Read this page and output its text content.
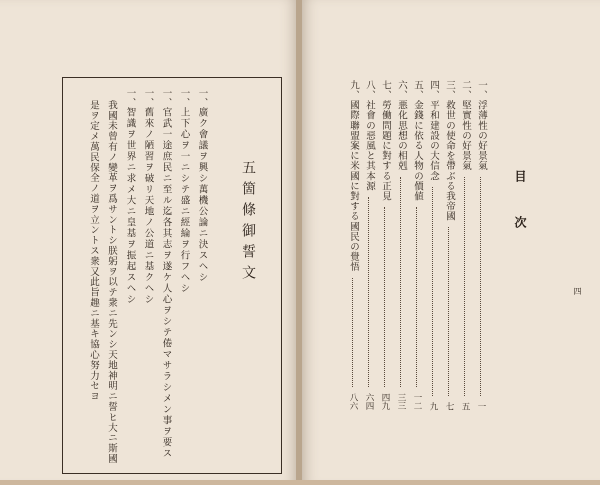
五箇條御誓文
一、廣ク會議ヲ興シ萬機公論ニ決スヘシ
一、上下心ヲ一ニシテ盛ニ經綸ヲ行フヘシ
一、官武一途庶民ニ至ル迄各其志ヲ遂ケ人心ヲシテ倦マサラシメン事ヲ要ス
一、舊來ノ陋習ヲ破リ天地ノ公道ニ基クヘシ
一、智識ヲ世界ニ求メ大ニ皇基ヲ振起スヘシ
我國未曾有ノ變革ヲ爲サントシ朕躬ヲ以テ衆ニ先ンシ天地神明ニ誓ヒ大ニ斯國
是ヲ定メ萬民保全ノ道ヲ立ントス衆又此旨趣ニ基キ協心努力セヨ	目次
一、浮薄性の好景氣
一
二、堅實性の好景氣
五
三、救世の使命を帶ぶる我帝國
七
四、平和建設の大信念
九
五、金錢に依る人物の價値
一二
六、悪化思想の相剋
三三
七、勞働問題に對する正見
四九
八、社會の惡風と其本源
六四
九、國際聯盟案に米國に對する國民の覺悟
八六
四
